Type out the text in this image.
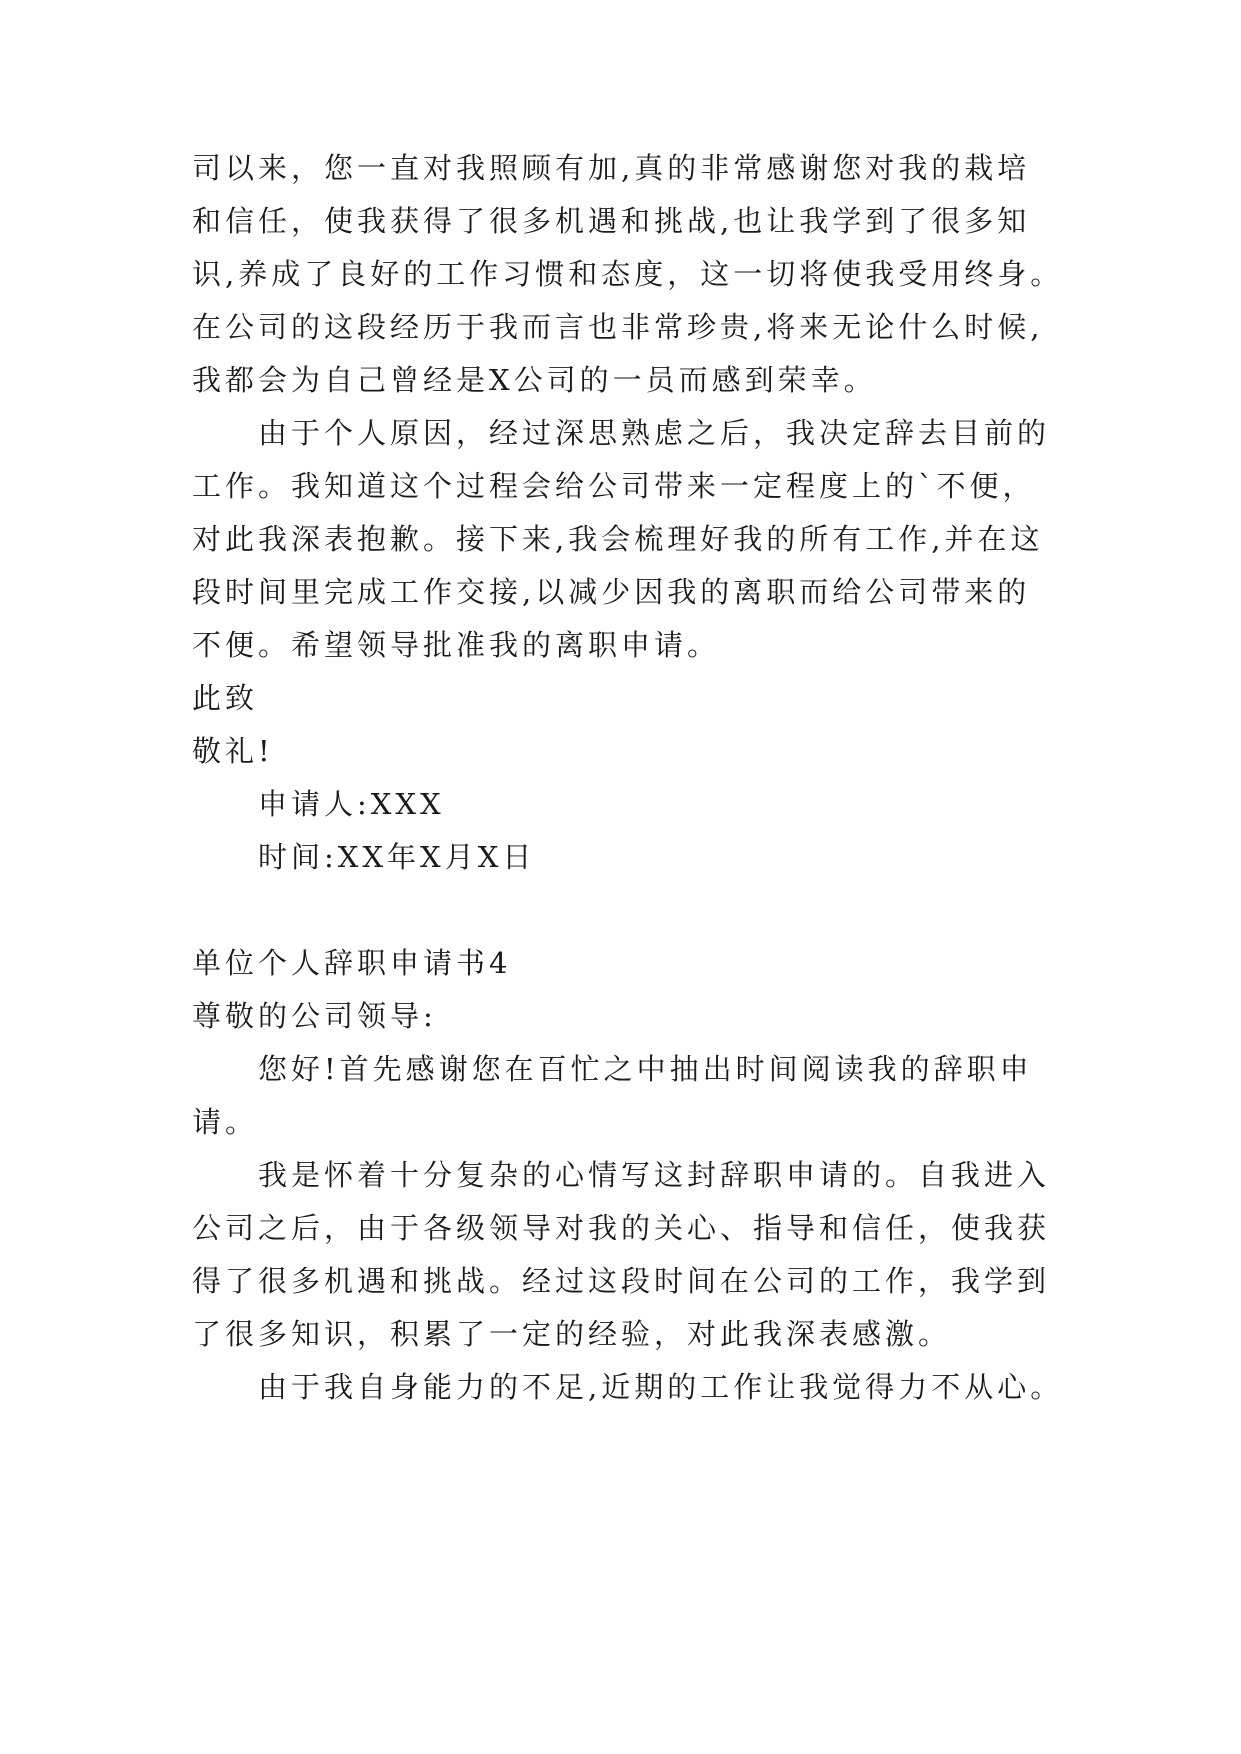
司以来，您一直对我照顾有加,真的非常感谢您对我的栽培
和信任，使我获得了很多机遇和挑战,也让我学到了很多知
识,养成了良好的工作习惯和态度，这一切将使我受用终身。
在公司的这段经历于我而言也非常珍贵,将来无论什么时候,
我都会为自己曾经是X公司的一员而感到荣幸。
由于个人原因，经过深思熟虑之后，我决定辞去目前的
工作。我知道这个过程会给公司带来一定程度上的`不便，
对此我深表抱歉。接下来,我会梳理好我的所有工作,并在这
段时间里完成工作交接,以减少因我的离职而给公司带来的
不便。希望领导批准我的离职申请。
此致
敬礼!
申请人:XXX
时间:XX年X月X日
单位个人辞职申请书4
尊敬的公司领导:
您好!首先感谢您在百忙之中抽出时间阅读我的辞职申
请。
我是怀着十分复杂的心情写这封辞职申请的。自我进入
公司之后，由于各级领导对我的关心、指导和信任，使我获
得了很多机遇和挑战。经过这段时间在公司的工作，我学到
了很多知识，积累了一定的经验，对此我深表感激。
由于我自身能力的不足,近期的工作让我觉得力不从心。
